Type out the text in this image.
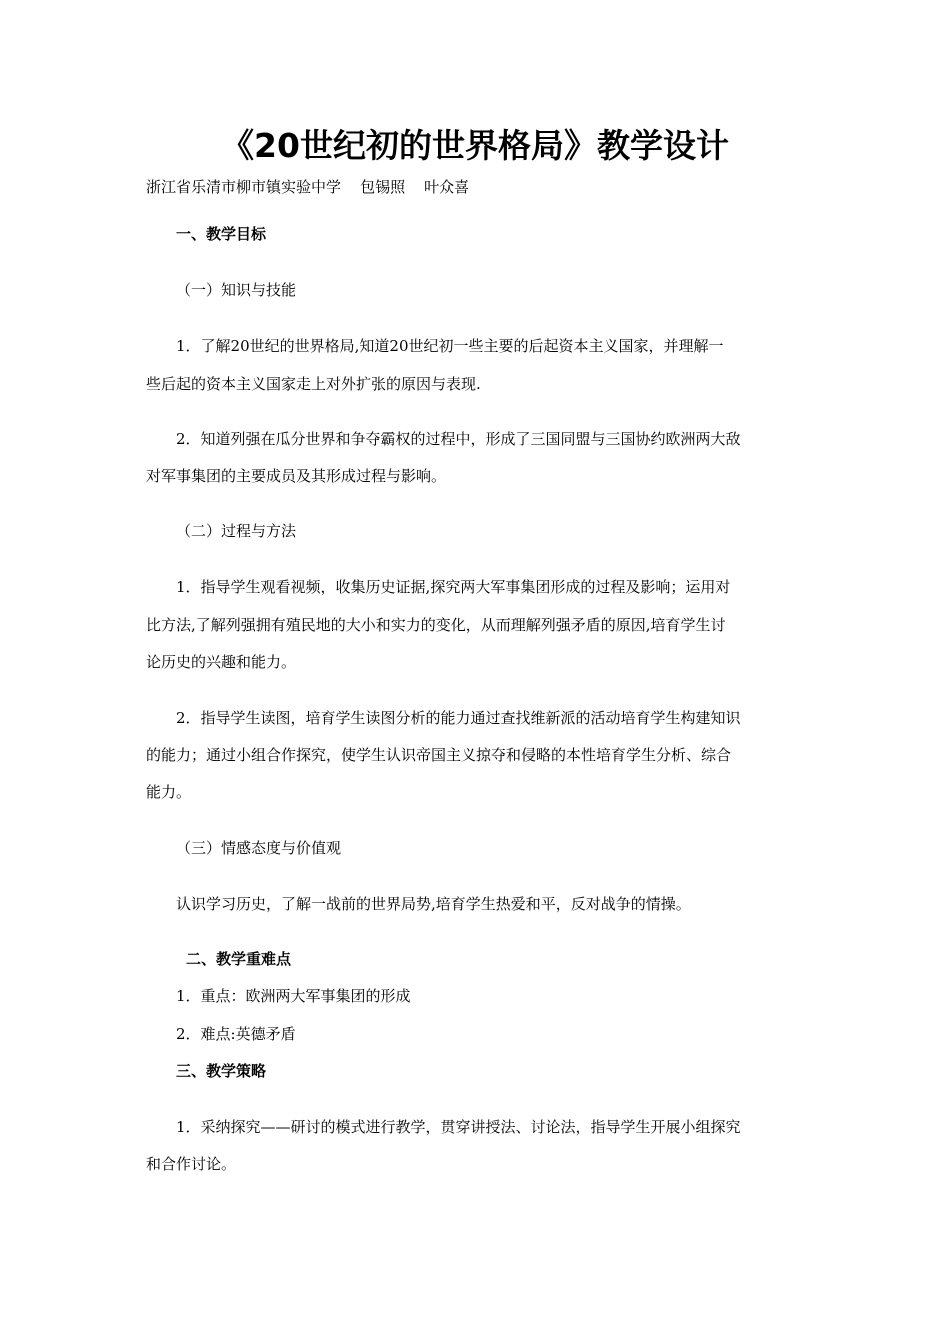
《20世纪初的世界格局》教学设计
浙江省乐清市柳市镇实验中学    包锡照    叶众喜
一、教学目标
（一）知识与技能
1．了解20世纪的世界格局,知道20世纪初一些主要的后起资本主义国家，并理解一
些后起的资本主义国家走上对外扩张的原因与表现.
2．知道列强在瓜分世界和争夺霸权的过程中，形成了三国同盟与三国协约欧洲两大敌
对军事集团的主要成员及其形成过程与影响。
（二）过程与方法
1．指导学生观看视频，收集历史证据,探究两大军事集团形成的过程及影响；运用对
比方法,了解列强拥有殖民地的大小和实力的变化，从而理解列强矛盾的原因,培育学生讨
论历史的兴趣和能力。
2．指导学生读图，培育学生读图分析的能力通过查找维新派的活动培育学生构建知识
的能力；通过小组合作探究，使学生认识帝国主义掠夺和侵略的本性培育学生分析、综合
能力。
（三）情感态度与价值观
认识学习历史，了解一战前的世界局势,培育学生热爱和平，反对战争的情操。
二、教学重难点
1．重点：欧洲两大军事集团的形成
2．难点:英德矛盾
三、教学策略
1．采纳探究——研讨的模式进行教学，贯穿讲授法、讨论法，指导学生开展小组探究
和合作讨论。
